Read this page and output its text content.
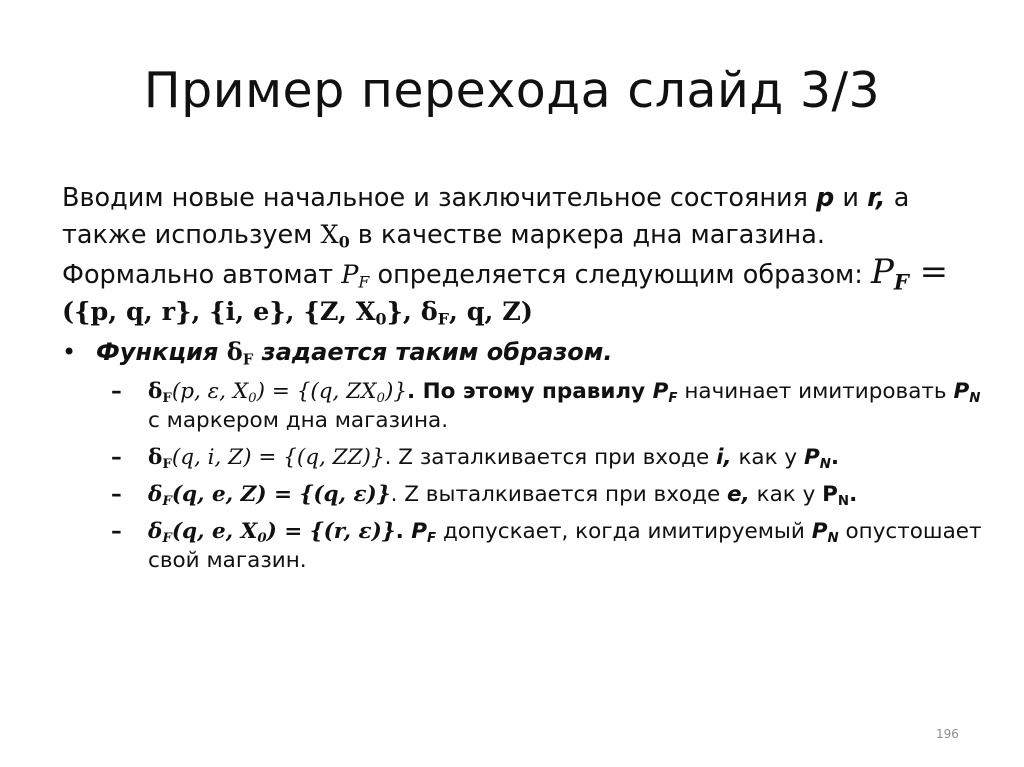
Пример перехода слайд 3/3
Вводим новые начальное и заключительное состояния p и r, а также используем $X_0$ в качестве маркера дна магазина. Формально автомат $P_F$ определяется следующим образом: $P_F$ =
({p, q, r}, {i, e}, {Z, $X_0$}, $\delta_F$, q, Z)
• Функция $\delta_F$ задается таким образом.
– $\delta_F(p$, ε, $X_0) = \{(q$, $ZX_0$)}. По этому правилу $P_F$ начинает имитировать $P_N$ с маркером дна магазина.
– $\delta_F(q$, i, Z) = {(q, ZZ)}. Z заталкивается при входе i, как у $P_N$.
– $\delta_F(q$, e, Z) = {(q, ε)}. Z выталкивается при входе e, как у $P_N$.
– $\delta_F(q$, e, $X_0) = \{(r$, ε)}. $P_F$ допускает, когда имитируемый $P_N$ опустошает свой магазин.
196
